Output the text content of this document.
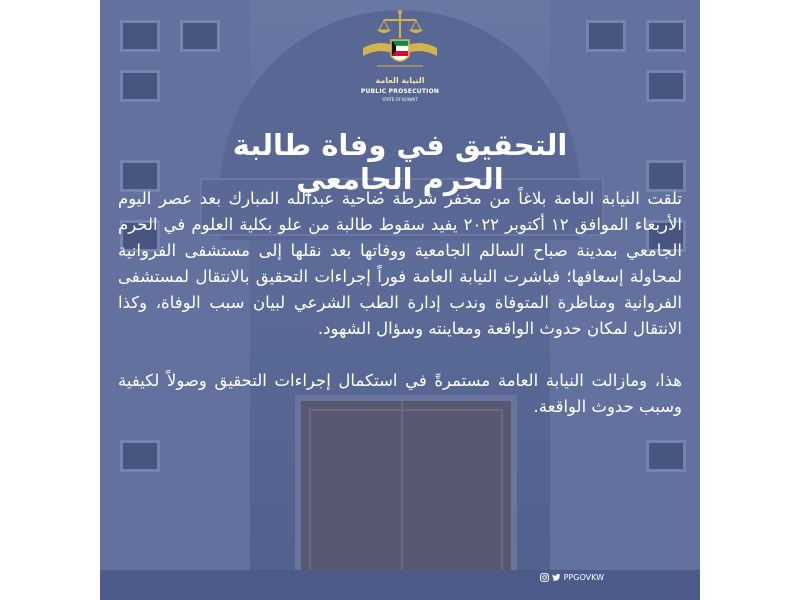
النيابة العامة
PUBLIC PROSECUTION
STATE OF KUWAIT
التحقيق في وفاة طالبة الحرم الجامعي

تلقت النيابة العامة بلاغاً من مخفر شرطة ضاحية عبدالله المبارك بعد عصر اليوم الأربعاء الموافق ١٢ أكتوبر ٢٠٢٢ يفيد سقوط طالبة من علو بكلية العلوم في الحرم الجامعي بمدينة صباح السالم الجامعية ووفاتها بعد نقلها إلى مستشفى الفروانية لمحاولة إسعافها؛ فباشرت النيابة العامة فوراً إجراءات التحقيق بالانتقال لمستشفى الفروانية ومناظرة المتوفاة وندب إدارة الطب الشرعي لبيان سبب الوفاة، وكذا الانتقال لمكان حدوث الواقعة ومعاينته وسؤال الشهود.

هذا، ومازالت النيابة العامة مستمرةً في استكمال إجراءات التحقيق وصولاً لكيفية وسبب حدوث الواقعة.

PPGOVKW
